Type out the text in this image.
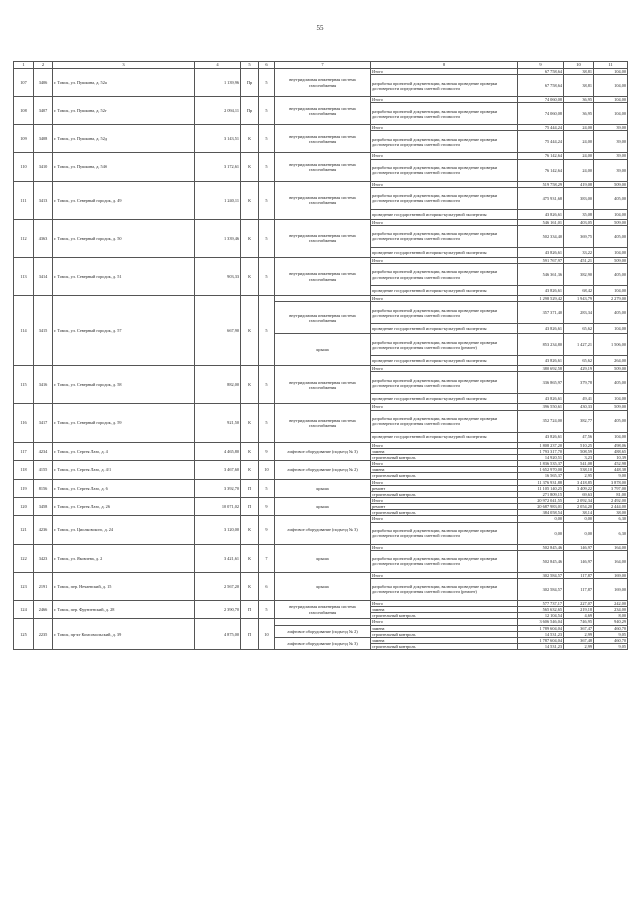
55
1	2	3	4	5	6	7	8	9	10	11
107	3406	г. Томск, ул. Пушкина, д. 52а	1 139,96	Пр	5	внутридомовая инженерная система газоснабжения	Итого	67 758,64	38,81	104,00
							разработка проектной документации, включая проведение проверки достоверности определения сметной стоимости	67 758,64	38,81	104,00
108	3407	г. Томск, ул. Пушкина, д. 52г	2 094,11	Пр	5	внутридомовая инженерная система газоснабжения	Итого	74 060,08	36,95	104,00
							разработка проектной документации, включая проведение проверки достоверности определения сметной стоимости	74 060,08	36,95	104,00
109	3408	г. Томск, ул. Пушкина, д. 52д	3 143,51	К	5	внутридомовая инженерная система газоснабжения	Итого	75 444,24	24,00	39,00
							разработка проектной документации, включая проведение проверки достоверности определения сметной стоимости	75 444,24	24,00	39,00
110	3410	г. Томск, ул. Пушкина, д. 54б	3 172,61	К	5	внутридомовая инженерная система газоснабжения	Итого	76 142,64	24,00	39,00
							разработка проектной документации, включая проведение проверки достоверности определения сметной стоимости	76 142,64	24,00	39,00
111	3413	г. Томск, ул. Северный городок, д. 49	1 240,11	К	5	внутридомовая инженерная система газоснабжения	Итого	519 758,29	419,08	509,00
							разработка проектной документации, включая проведение проверки достоверности определения сметной стоимости	475 931,68	383,00	405,00
							проведение государственной историко-культурной экспертизы	43 826,61	35,08	104,00
112	4363	г. Томск, ул. Северный городок, д. 50	1 339,46	К	5	внутридомовая инженерная система газоснабжения	Итого	546 161,01	403,05	509,00
							разработка проектной документации, включая проведение проверки достоверности определения сметной стоимости	502 334,40	369,75	405,00
							проведение государственной историко-культурной экспертизы	43 826,61	33,22	104,00
113	3414	г. Томск, ул. Северный городок, д. 51	903,33	К	5	внутридомовая инженерная система газоснабжения	Итого	591 767,97	451,21	509,00
							разработка проектной документации, включая проведение проверки достоверности определения сметной стоимости	546 361,36	382,90	405,00
							проведение государственной историко-культурной экспертизы	43 826,61	68,42	104,00
114	3415	г. Томск, ул. Северный городок, д. 57	667,90	К	5		Итого	1 298 529,42	1 943,79	2 279,00
						внутридомовая инженерная система газоснабжения	разработка проектной документации, включая проведение проверки достоверности определения сметной стоимости	357 371,40	283,34	405,00
							проведение государственной историко-культурной экспертизы	43 826,61	65,62	104,00
						крыша	разработка проектной документации, включая проведение проверки достоверности определения сметной стоимости (ремонт)	853 234,80	1 427,21	1 506,00
							проведение государственной историко-культурной экспертизы	43 826,61	65,62	264,00
115	3416	г. Томск, ул. Северный городок, д. 58	882,00	К	5	внутридомовая инженерная система газоснабжения	Итого	380 692,58	429,19	509,00
							разработка проектной документации, включая проведение проверки достоверности определения сметной стоимости	336 865,97	379,78	405,00
							проведение государственной историко-культурной экспертизы	43 826,61	49,41	104,00
116	3417	г. Томск, ул. Северный городок, д. 59	921,50	К	5	внутридомовая инженерная система газоснабжения	Итого	396 550,61	430,33	509,00
							разработка проектной документации, включая проведение проверки достоверности определения сметной стоимости	352 724,00	382,77	405,00
							проведение государственной историко-культурной экспертизы	43 826,61	47,56	104,00
117	4234	г. Томск, ул. Сергея Лазо, д. 4	4 465,80	К	9	лифтовое оборудование (подъезд № 3)	Итого	1 808 237,20	510,25	498,06
							замена	1 793 317,70	508,59	488,65
							строительный контроль	14 920,51	3,23	10,39
118	4155	г. Томск, ул. Сергея Лазо, д. 4/1	3 467,60	К	10	лифтовое оборудование (подъезд № 2)	Итого	1 836 535,37	541,08	452,98
							замена	1 652 970,00	538,10	448,38
							строительный контроль	16 565,37	2,95	9,00
119	8156	г. Томск, ул. Сергея Лазо, д. 6	3 392,70	П	5	крыша	Итого	11 376 931,88	3 418,85	3 878,00
							ремонт	11 105 140,25	3 409,22	3 797,00
							строительный контроль	271 809,15	69,63	81,00
120	3458	г. Томск, ул. Сергея Лазо, д. 26	10 071,02	П	9	крыша	Итого	20 972 041,55	2 092,34	2 492,00
							ремонт	20 687 983,01	2 054,20	2 444,00
							строительный контроль	384 058,54	38,14	38,00
121	4236	г. Томск, ул. Циолковского, д. 24	3 120,00	К	9	лифтовое оборудование (подъезд № 3)	Итого	0,00	0,00	6,30
							разработка проектной документации, включая проведение проверки достоверности определения сметной стоимости	0,00	0,00	6,30
122	3423	г. Томск, ул. Яковлева, д. 2	3 421,61	К	7	крыша	Итого	502 845,46	146,97	164,00
							разработка проектной документации, включая проведение проверки достоверности определения сметной стоимости	502 845,46	146,97	164,00
123	2191	г. Томск, пер. Нечаевский, д. 15	2 567,20	К	6	крыша	Итого	302 584,57	117,87	169,00
							разработка проектной документации, включая проведение проверки достоверности определения сметной стоимости (ремонт)	302 584,57	117,87	169,00
124	2466	г. Томск, пер. Фрунзенский, д. 28	2 390,70	П	5	внутридомовая инженерная система газоснабжения	Итого	577 737,17	227,07	242,00
							замена	565 632,65	219,18	234,00
							строительный контроль	12 104,54	4,69	8,00
125	2235	г. Томск, пр-кт Комсомольский, д. 39	4 875,00	П	10		Итого	3 606 546,04	746,95	940,29
						лифтовое оборудование (подъезд № 2)	замена	1 789 604,04	367,47	460,70
							строительный контроль	14 531,23	2,99	9,05
						лифтовое оборудование (подъезд № 3)	замена	1 787 604,04	367,48	460,70
							строительный контроль	14 531,23	2,99	9,05
